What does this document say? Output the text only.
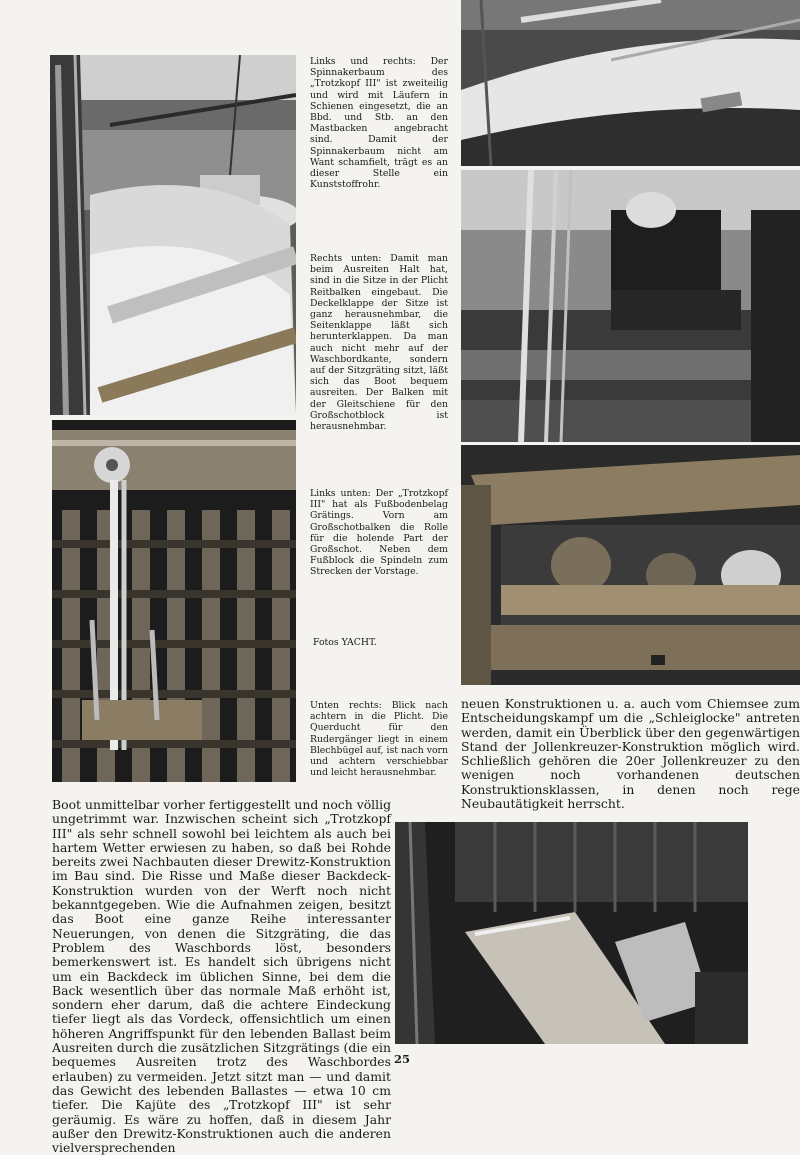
Links und rechts: Der Spinnakerbaum des „Trotzkopf III" ist zweiteilig und wird mit Läufern in Schienen eingesetzt, die an Bbd. und Stb. an den Mastbacken angebracht sind. Damit der Spinnakerbaum nicht am Want schamfielt, trägt es an dieser Stelle ein Kunststoffrohr.
Rechts unten: Damit man beim Ausreiten Halt hat, sind in die Sitze in der Plicht Reitbalken eingebaut. Die Deckelklappe der Sitze ist ganz herausnehmbar, die Seitenklappe läßt sich herunterklappen. Da man auch nicht mehr auf der Waschbordkante, sondern auf der Sitzgräting sitzt, läßt sich das Boot bequem ausreiten. Der Balken mit der Gleitschiene für den Großschotblock ist herausnehmbar.
Links unten: Der „Trotzkopf III" hat als Fußbodenbelag Grätings. Vorn am Großschotbalken die Rolle für die holende Part der Großschot. Neben dem Fußblock die Spindeln zum Strecken der Vorstage.
Fotos YACHT.
Unten rechts: Blick nach achtern in die Plicht. Die Querducht für den Rudergänger liegt in einem Blechbügel auf, ist nach vorn und achtern verschiebbar und leicht herausnehmbar.
neuen Konstruktionen u. a. auch vom Chiemsee zum Entscheidungskampf um die „Schleiglocke" antreten werden, damit ein Überblick über den gegenwärtigen Stand der Jollenkreuzer-Konstruktion möglich wird. Schließlich gehören die 20er Jollenkreuzer zu den wenigen noch vorhandenen deutschen Konstruktionsklassen, in denen noch rege Neubautätigkeit herrscht.
Boot unmittelbar vorher fertiggestellt und noch völlig ungetrimmt war. Inzwischen scheint sich „Trotzkopf III" als sehr schnell sowohl bei leichtem als auch bei hartem Wetter erwiesen zu haben, so daß bei Rohde bereits zwei Nachbauten dieser Drewitz-Konstruktion im Bau sind. Die Risse und Maße dieser Backdeck-Konstruktion wurden von der Werft noch nicht bekanntgegeben. Wie die Aufnahmen zeigen, besitzt das Boot eine ganze Reihe interessanter Neuerungen, von denen die Sitzgräting, die das Problem des Waschbords löst, besonders bemerkenswert ist. Es handelt sich übrigens nicht um ein Backdeck im üblichen Sinne, bei dem die Back wesentlich über das normale Maß erhöht ist, sondern eher darum, daß die achtere Eindeckung tiefer liegt als das Vordeck, offensichtlich um einen höheren Angriffspunkt für den lebenden Ballast beim Ausreiten durch die zusätzlichen Sitzgrätings (die ein bequemes Ausreiten trotz des Waschbordes erlauben) zu vermeiden. Jetzt sitzt man — und damit das Gewicht des lebenden Ballastes — etwa 10 cm tiefer. Die Kajüte des „Trotzkopf III" ist sehr geräumig. Es wäre zu hoffen, daß in diesem Jahr außer den Drewitz-Konstruktionen auch die anderen vielversprechenden
25
